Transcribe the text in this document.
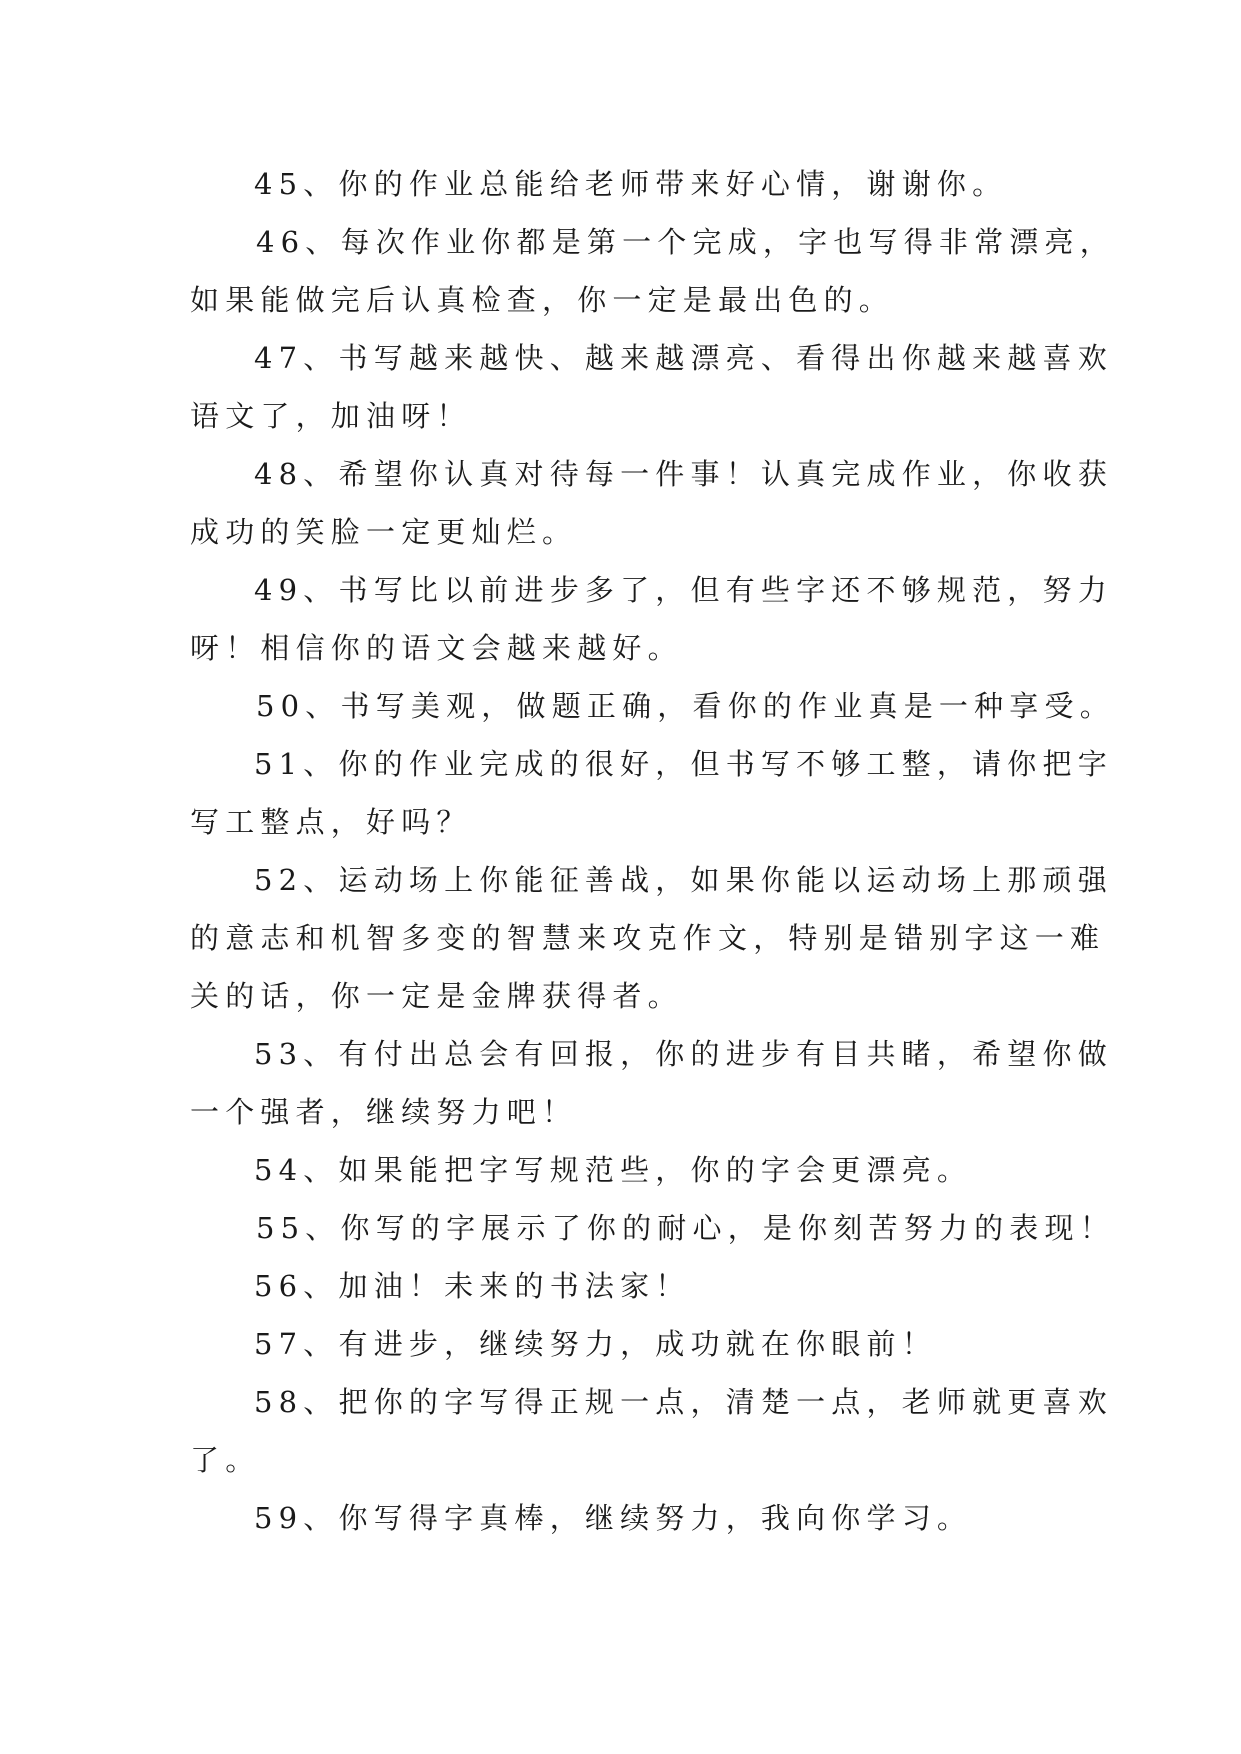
45、你的作业总能给老师带来好心情，谢谢你。
46、每次作业你都是第一个完成，字也写得非常漂亮，
如果能做完后认真检查，你一定是最出色的。
47、书写越来越快、越来越漂亮、看得出你越来越喜欢
语文了，加油呀！
48、希望你认真对待每一件事！认真完成作业，你收获
成功的笑脸一定更灿烂。
49、书写比以前进步多了，但有些字还不够规范，努力
呀！相信你的语文会越来越好。
50、书写美观，做题正确，看你的作业真是一种享受。
51、你的作业完成的很好，但书写不够工整，请你把字
写工整点，好吗？
52、运动场上你能征善战，如果你能以运动场上那顽强
的意志和机智多变的智慧来攻克作文，特别是错别字这一难
关的话，你一定是金牌获得者。
53、有付出总会有回报，你的进步有目共睹，希望你做
一个强者，继续努力吧！
54、如果能把字写规范些，你的字会更漂亮。
55、你写的字展示了你的耐心，是你刻苦努力的表现！
56、加油！未来的书法家！
57、有进步，继续努力，成功就在你眼前！
58、把你的字写得正规一点，清楚一点，老师就更喜欢
了。
59、你写得字真棒，继续努力，我向你学习。
